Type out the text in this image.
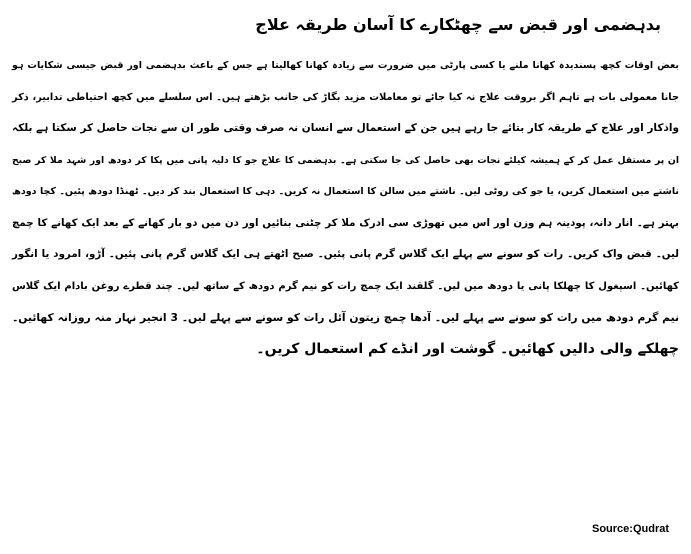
بدہضمی اور قبض سے چھٹکارے کا آسان طریقہ علاج

بعض اوقات کچھ پسندیدہ کھانا ملنے یا کسی پارٹی میں ضرورت سے زیادہ کھانا کھالیتا ہے جس کے باعث بدہضمی اور قبض جیسی شکایات ہو

جانا معمولی بات ہے تاہم اگر بروقت علاج نہ کیا جائے تو معاملات مزید بگاڑ کی جانب بڑھتے ہیں۔ اس سلسلے میں کچھ احتیاطی تدابیر، ذکر

واذکار اور علاج کے طریقہ کار بتائے جا رہے ہیں جن کے استعمال سے انسان نہ صرف وقتی طور ان سے نجات حاصل کر سکتا ہے بلکہ

ان پر مستقل عمل کر کے ہمیشہ کیلئے نجات بھی حاصل کی جا سکتی ہے۔ بدہضمی کا علاج جو کا دلیہ پانی میں پکا کر دودھ اور شہد ملا کر صبح

ناشتے میں استعمال کریں، یا جو کی روٹی لیں۔ ناشتے میں سالن کا استعمال نہ کریں۔ دہی کا استعمال بند کر دیں۔ ٹھنڈا دودھ پئیں۔ کچا دودھ

بہتر ہے۔ انار دانہ، پودینہ ہم وزن اور اس میں تھوڑی سی ادرک ملا کر چٹنی بنائیں اور دن میں دو بار کھانے کے بعد ایک کھانے کا چمچ

لیں۔ قبض واک کریں۔ رات کو سونے سے پہلے ایک گلاس گرم پانی پئیں۔ صبح اٹھتے ہی ایک گلاس گرم پانی پئیں۔ آڑو، امرود یا انگور

کھائیں۔ اسپغول کا چھلکا پانی یا دودھ میں لیں۔ گلقند ایک چمچ رات کو نیم گرم دودھ کے ساتھ لیں۔ چند قطرے روغن بادام ایک گلاس

نیم گرم دودھ میں رات کو سونے سے پہلے لیں۔ آدھا چمچ زیتون آئل رات کو سونے سے پہلے لیں۔ 3 انجیر نہار منہ روزانہ کھائیں۔

چھلکے والی دالیں کھائیں۔ گوشت اور انڈے کم استعمال کریں۔

Source:Qudrat
